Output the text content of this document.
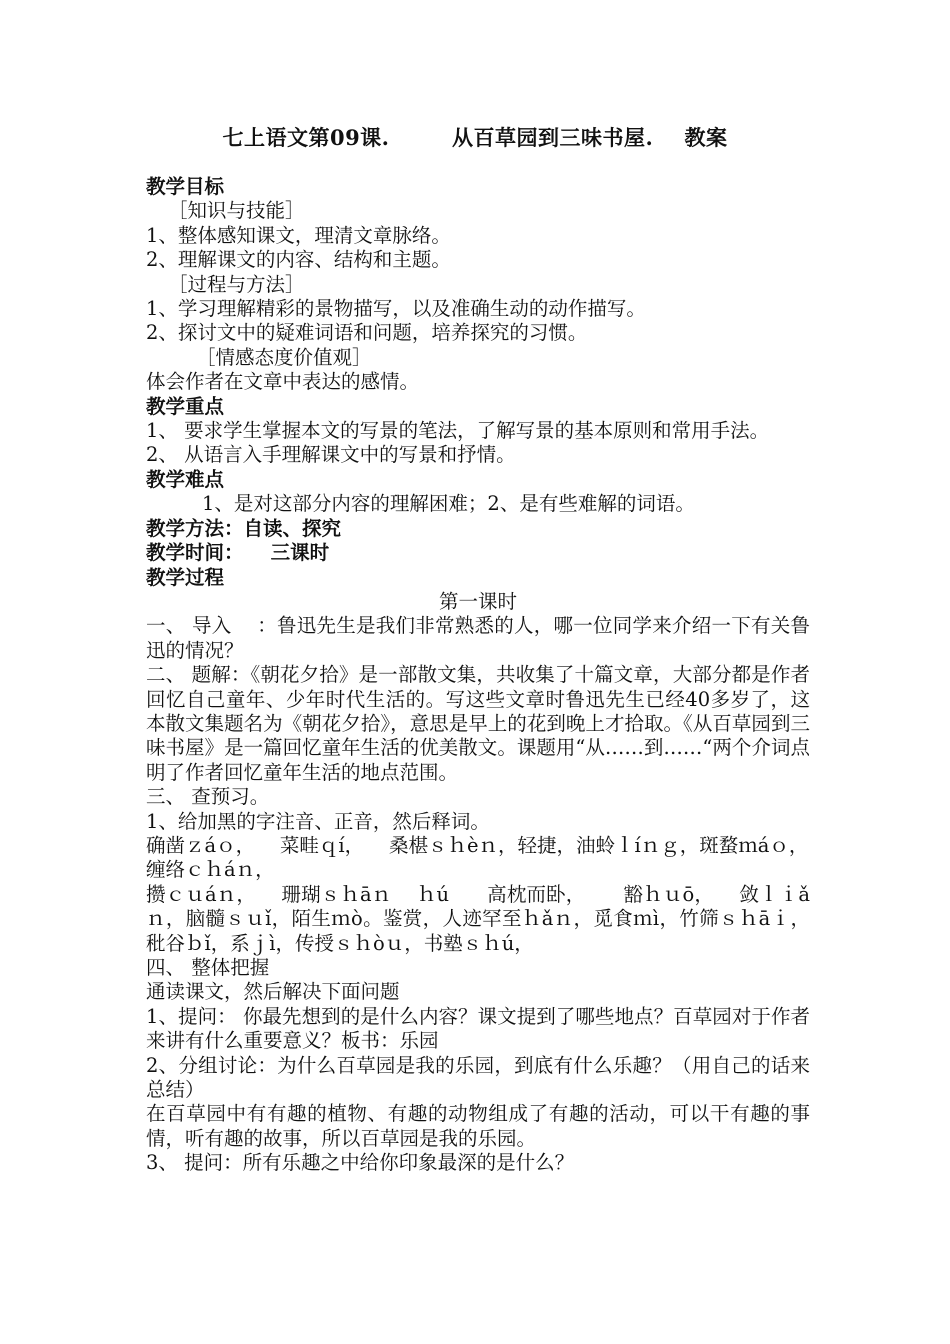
七上语文第09课.        从百草园到三味书屋.    教案

教学目标

［知识与技能］

1、整体感知课文，理清文章脉络。

2、理解课文的内容、结构和主题。

［过程与方法］

1、学习理解精彩的景物描写，以及准确生动的动作描写。

2、探讨文中的疑难词语和问题，培养探究的习惯。

［情感态度价值观］

体会作者在文章中表达的感情。

教学重点

1、 要求学生掌握本文的写景的笔法，了解写景的基本原则和常用手法。

2、 从语言入手理解课文中的写景和抒情。

教学难点

1、是对这部分内容的理解困难；2、是有些难解的词语。

教学方法：自读、探究

教学时间：    三课时

教学过程

第一课时

一、 导入    ：鲁迅先生是我们非常熟悉的人，哪一位同学来介绍一下有关鲁迅的情况？

二、 题解：《朝花夕拾》是一部散文集，共收集了十篇文章，大部分都是作者回忆自己童年、少年时代生活的。写这些文章时鲁迅先生已经40多岁了，这本散文集题名为《朝花夕拾》，意思是早上的花到晚上才拾取。《从百草园到三味书屋》是一篇回忆童年生活的优美散文。课题用“从……到……“两个介词点明了作者回忆童年生活的地点范围。

三、 查预习。

1、给加黑的字注音、正音，然后释词。

确凿ｚáｏ，    菜畦ｑí，    桑椹ｓｈèｎ，轻捷，油蛉ｌíｎｇ，斑蝥ｍáｏ，    缠络ｃｈáｎ，

攒ｃｕáｎ，    珊瑚ｓｈāｎ    ｈú      高枕而卧，      豁ｈｕō，    敛ｌｉǎｎ，脑髓ｓｕǐ，陌生ｍò。鉴赏，人迹罕至ｈǎｎ，觅食ｍì，竹筛ｓｈāｉ，秕谷ｂǐ，系ｊì，传授ｓｈòｕ，书塾ｓｈú，

四、 整体把握

通读课文，然后解决下面问题

1、提问： 你最先想到的是什么内容？课文提到了哪些地点？百草园对于作者来讲有什么重要意义？板书：乐园

2、分组讨论：为什么百草园是我的乐园，到底有什么乐趣？（用自己的话来总结）

在百草园中有有趣的植物、有趣的动物组成了有趣的活动，可以干有趣的事情，听有趣的故事，所以百草园是我的乐园。

3、 提问：所有乐趣之中给你印象最深的是什么？
